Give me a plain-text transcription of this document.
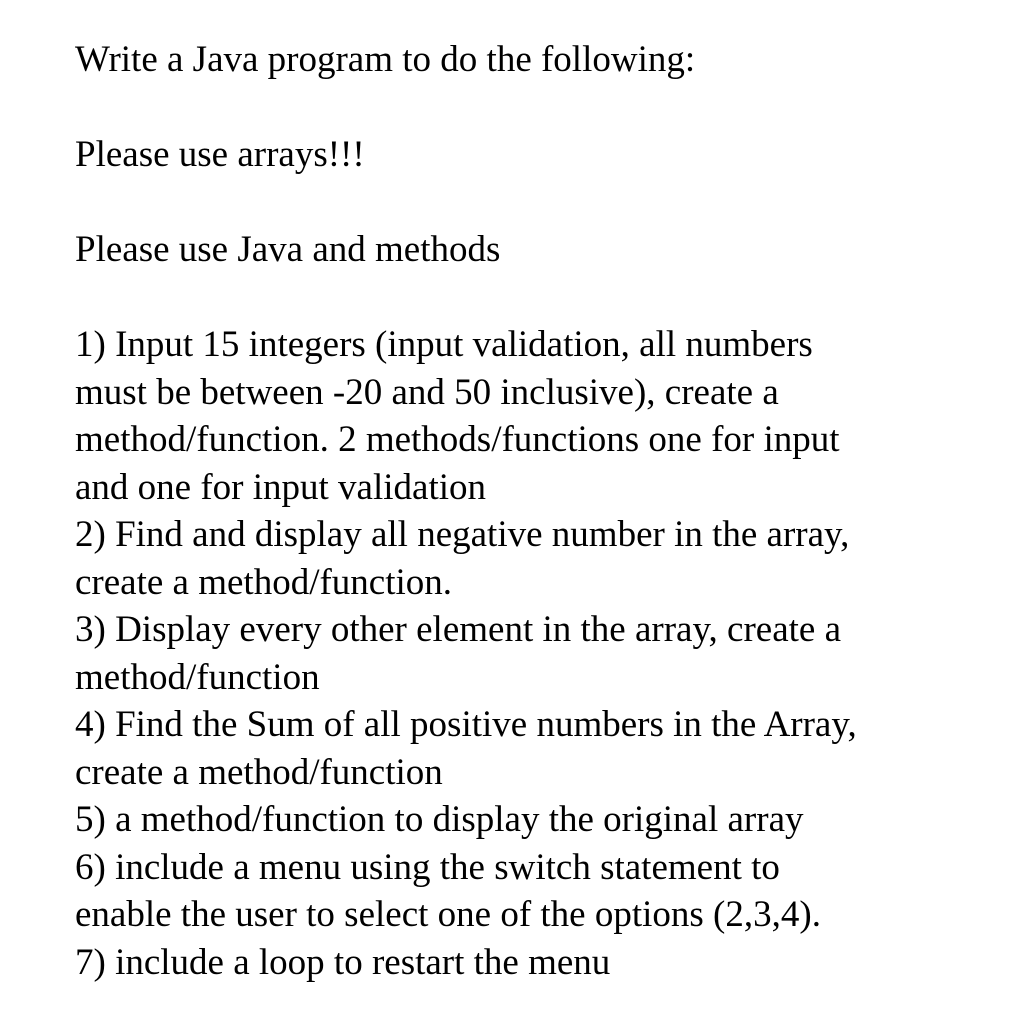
Write a Java program to do the following:

Please use arrays!!!

Please use Java and methods

1) Input 15 integers (input validation, all numbers

must be between -20 and 50 inclusive), create a

method/function. 2 methods/functions one for input

and one for input validation

2) Find and display all negative number in the array,

create a method/function.

3) Display every other element in the array, create a

method/function

4) Find the Sum of all positive numbers in the Array,

create a method/function

5) a method/function to display the original array

6) include a menu using the switch statement to

enable the user to select one of the options (2,3,4).

7) include a loop to restart the menu
